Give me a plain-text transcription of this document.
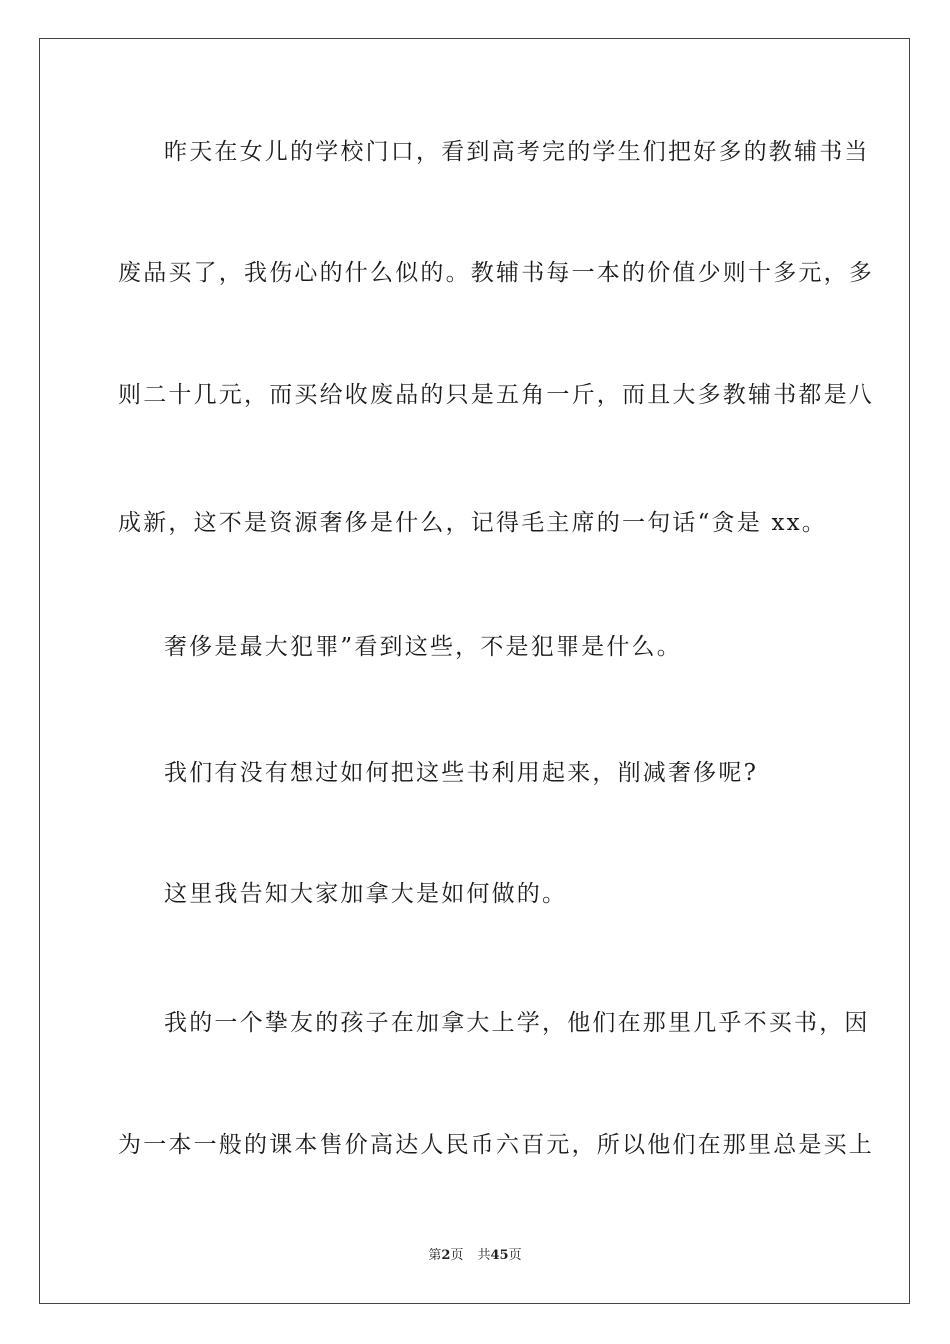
昨天在女儿的学校门口，看到高考完的学生们把好多的教辅书当
废品买了，我伤心的什么似的。教辅书每一本的价值少则十多元，多
则二十几元，而买给收废品的只是五角一斤，而且大多教辅书都是八
成新，这不是资源奢侈是什么，记得毛主席的一句话“贪是 xx。
奢侈是最大犯罪”看到这些，不是犯罪是什么。
我们有没有想过如何把这些书利用起来，削减奢侈呢?
这里我告知大家加拿大是如何做的。
我的一个挚友的孩子在加拿大上学，他们在那里几乎不买书，因
为一本一般的课本售价高达人民币六百元，所以他们在那里总是买上
第2页 共45页
